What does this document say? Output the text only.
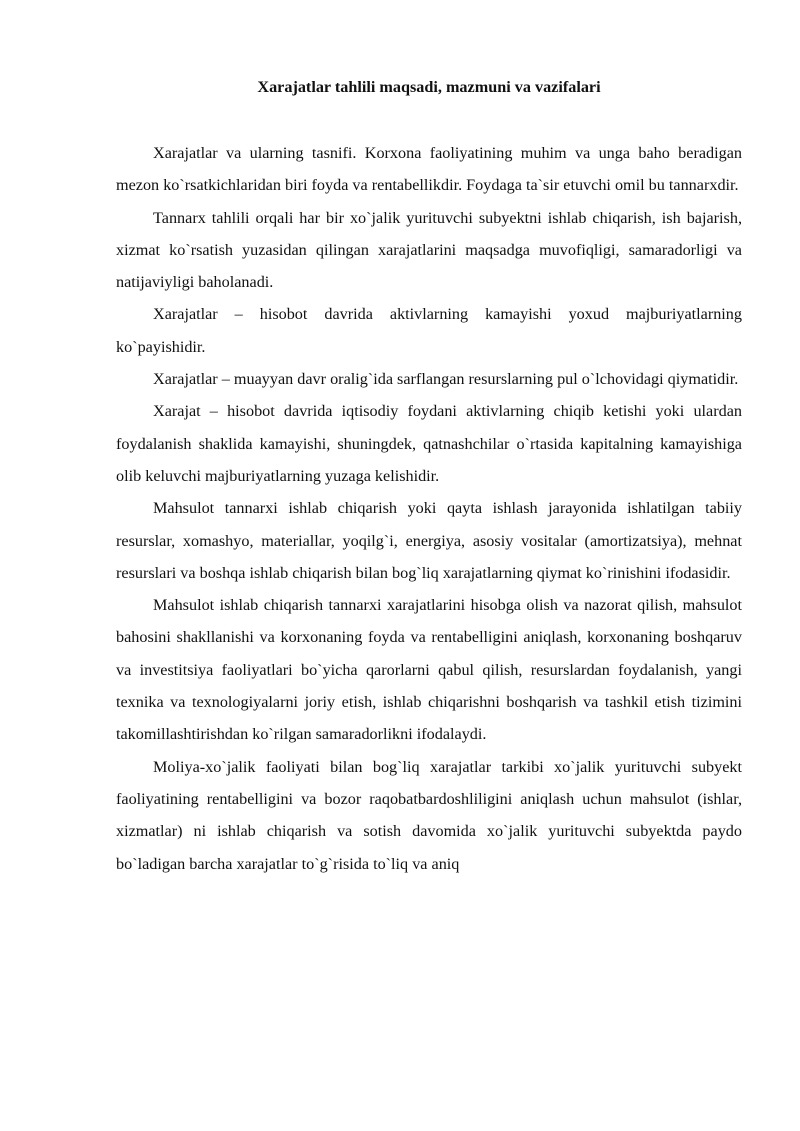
Xarajatlar tahlili maqsadi, mazmuni va vazifalari

Xarajatlar va ularning tasnifi. Korxona faoliyatining muhim va unga baho beradigan mezon ko`rsatkichlaridan biri foyda va rentabellikdir. Foydaga ta`sir etuvchi omil bu tannarxdir.

Tannarx tahlili orqali har bir xo`jalik yurituvchi subyektni ishlab chiqarish, ish bajarish, xizmat ko`rsatish yuzasidan qilingan xarajatlarini maqsadga muvofiqligi, samaradorligi va natijaviyligi baholanadi.

Xarajatlar – hisobot davrida aktivlarning kamayishi yoxud majburiyatlarning ko`payishidir.

Xarajatlar – muayyan davr oralig`ida sarflangan resurslarning pul o`lchovidagi qiymatidir.

Xarajat – hisobot davrida iqtisodiy foydani aktivlarning chiqib ketishi yoki ulardan foydalanish shaklida kamayishi, shuningdek, qatnashchilar o`rtasida kapitalning kamayishiga olib keluvchi majburiyatlarning yuzaga kelishidir.

Mahsulot tannarxi ishlab chiqarish yoki qayta ishlash jarayonida ishlatilgan tabiiy resurslar, xomashyo, materiallar, yoqilg`i, energiya, asosiy vositalar (amortizatsiya), mehnat resurslari va boshqa ishlab chiqarish bilan bog`liq xarajatlarning qiymat ko`rinishini ifodasidir.

Mahsulot ishlab chiqarish tannarxi xarajatlarini hisobga olish va nazorat qilish, mahsulot bahosini shakllanishi va korxonaning foyda va rentabelligini aniqlash, korxonaning boshqaruv va investitsiya faoliyatlari bo`yicha qarorlarni qabul qilish, resurslardan foydalanish, yangi texnika va texnologiyalarni joriy etish, ishlab chiqarishni boshqarish va tashkil etish tizimini takomillashtirishdan ko`rilgan samaradorlikni ifodalaydi.

Moliya-xo`jalik faoliyati bilan bog`liq xarajatlar tarkibi xo`jalik yurituvchi subyekt faoliyatining rentabelligini va bozor raqobatbardoshliligini aniqlash uchun mahsulot (ishlar, xizmatlar) ni ishlab chiqarish va sotish davomida xo`jalik yurituvchi subyektda paydo bo`ladigan barcha xarajatlar to`g`risida to`liq va aniq
